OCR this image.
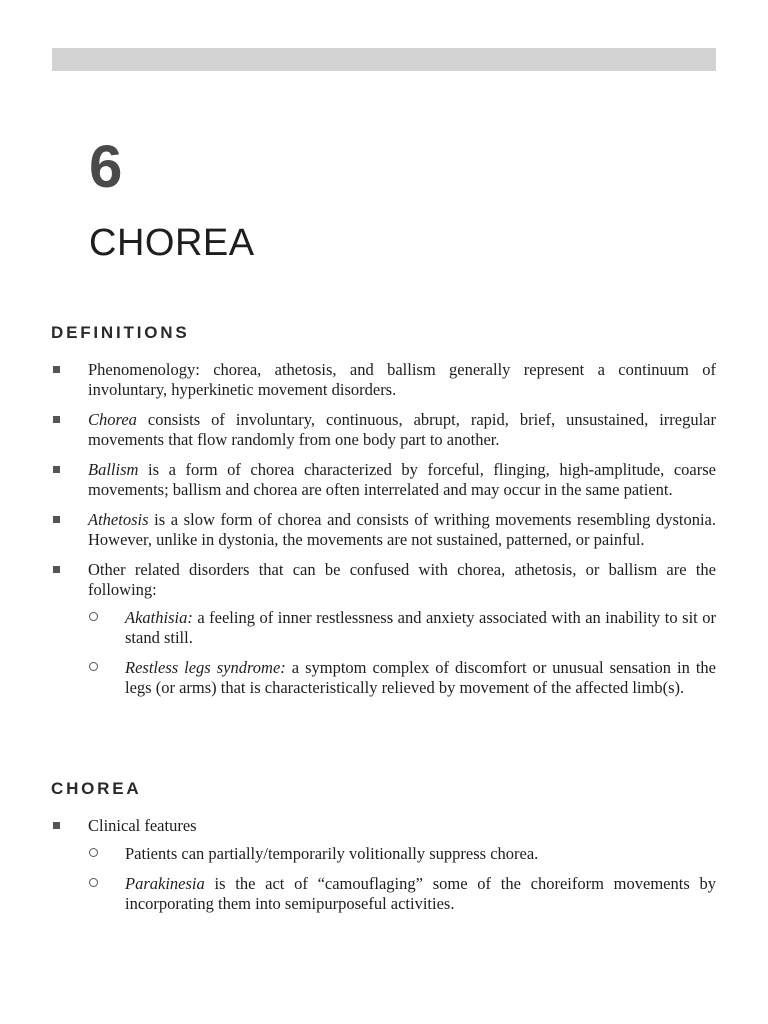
6
CHOREA
DEFINITIONS
Phenomenology: chorea, athetosis, and ballism generally represent a continuum of involuntary, hyperkinetic movement disorders.
Chorea consists of involuntary, continuous, abrupt, rapid, brief, unsustained, irregular movements that flow randomly from one body part to another.
Ballism is a form of chorea characterized by forceful, flinging, high-amplitude, coarse movements; ballism and chorea are often interrelated and may occur in the same patient.
Athetosis is a slow form of chorea and consists of writhing movements resembling dystonia. However, unlike in dystonia, the movements are not sustained, patterned, or painful.
Other related disorders that can be confused with chorea, athetosis, or ballism are the following:
Akathisia: a feeling of inner restlessness and anxiety associated with an inability to sit or stand still.
Restless legs syndrome: a symptom complex of discomfort or unusual sensation in the legs (or arms) that is characteristically relieved by movement of the affected limb(s).
CHOREA
Clinical features
Patients can partially/temporarily volitionally suppress chorea.
Parakinesia is the act of “camouflaging” some of the choreiform movements by incorporating them into semipurposeful activities.
